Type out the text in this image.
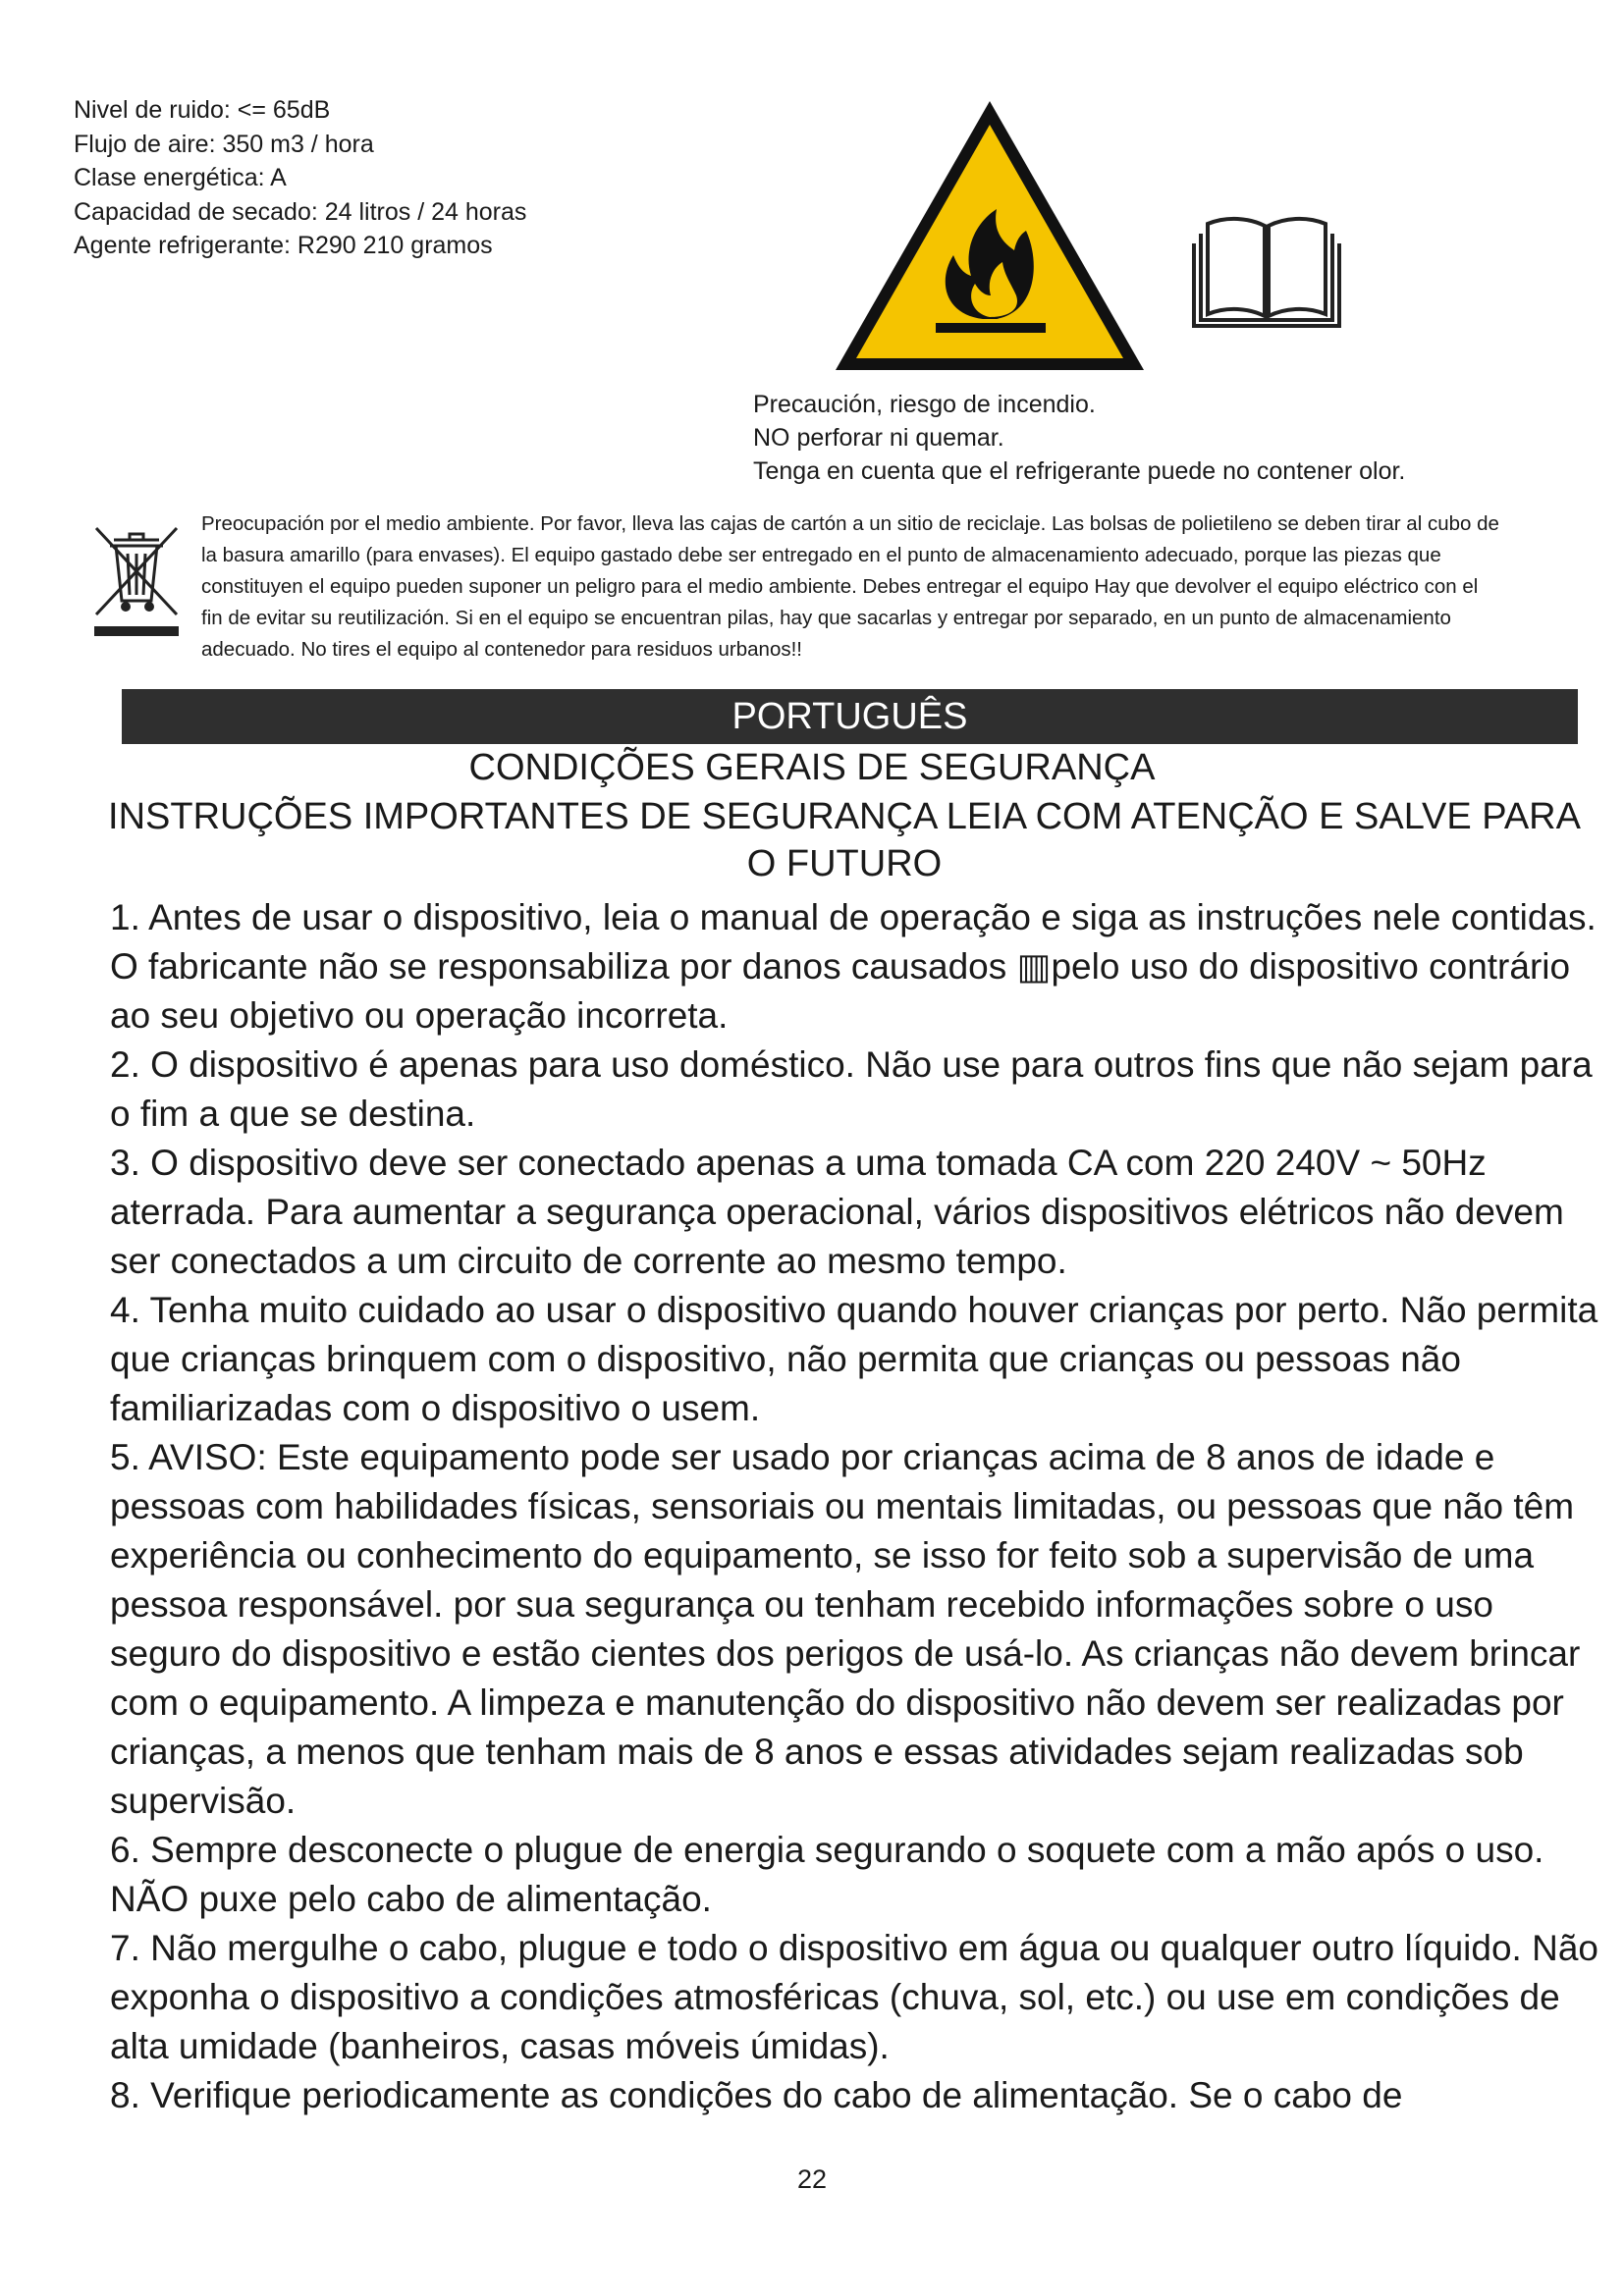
Nivel de ruido: <= 65dB
Flujo de aire: 350 m3 / hora
Clase energética: A
Capacidad de secado: 24 litros / 24 horas
Agente refrigerante: R290 210 gramos
Precaución, riesgo de incendio.
NO perforar ni quemar.
Tenga en cuenta que el refrigerante puede no contener olor.
Preocupación por el medio ambiente. Por favor, lleva las cajas de cartón a un sitio de reciclaje. Las bolsas de polietileno se deben tirar al cubo de la basura amarillo (para envases). El equipo gastado debe ser entregado en el punto de almacenamiento adecuado, porque las piezas que constituyen el equipo pueden suponer un peligro para el medio ambiente. Debes entregar el equipo Hay que devolver el equipo eléctrico con el fin de evitar su reutilización. Si en el equipo se encuentran pilas, hay que sacarlas y entregar por separado, en un punto de almacenamiento adecuado. No tires el equipo al contenedor para residuos urbanos!!
PORTUGUÊS
CONDIÇÕES GERAIS DE SEGURANÇA
INSTRUÇÕES IMPORTANTES DE SEGURANÇA LEIA COM ATENÇÃO E SALVE PARA O FUTURO

1. Antes de usar o dispositivo, leia o manual de operação e siga as instruções nele contidas. O fabricante não se responsabiliza por danos causados ▥pelo uso do dispositivo contrário ao seu objetivo ou operação incorreta.

2. O dispositivo é apenas para uso doméstico. Não use para outros fins que não sejam para o fim a que se destina.

3. O dispositivo deve ser conectado apenas a uma tomada CA com 220 240V ~ 50Hz aterrada. Para aumentar a segurança operacional, vários dispositivos elétricos não devem ser conectados a um circuito de corrente ao mesmo tempo.

4. Tenha muito cuidado ao usar o dispositivo quando houver crianças por perto. Não permita que crianças brinquem com o dispositivo, não permita que crianças ou pessoas não familiarizadas com o dispositivo o usem.

5. AVISO: Este equipamento pode ser usado por crianças acima de 8 anos de idade e pessoas com habilidades físicas, sensoriais ou mentais limitadas, ou pessoas que não têm experiência ou conhecimento do equipamento, se isso for feito sob a supervisão de uma pessoa responsável. por sua segurança ou tenham recebido informações sobre o uso seguro do dispositivo e estão cientes dos perigos de usá-lo. As crianças não devem brincar com o equipamento. A limpeza e manutenção do dispositivo não devem ser realizadas por crianças, a menos que tenham mais de 8 anos e essas atividades sejam realizadas sob supervisão.

6. Sempre desconecte o plugue de energia segurando o soquete com a mão após o uso. NÃO puxe pelo cabo de alimentação.

7. Não mergulhe o cabo, plugue e todo o dispositivo em água ou qualquer outro líquido. Não exponha o dispositivo a condições atmosféricas (chuva, sol, etc.) ou use em condições de alta umidade (banheiros, casas móveis úmidas).

8. Verifique periodicamente as condições do cabo de alimentação. Se o cabo de

22
